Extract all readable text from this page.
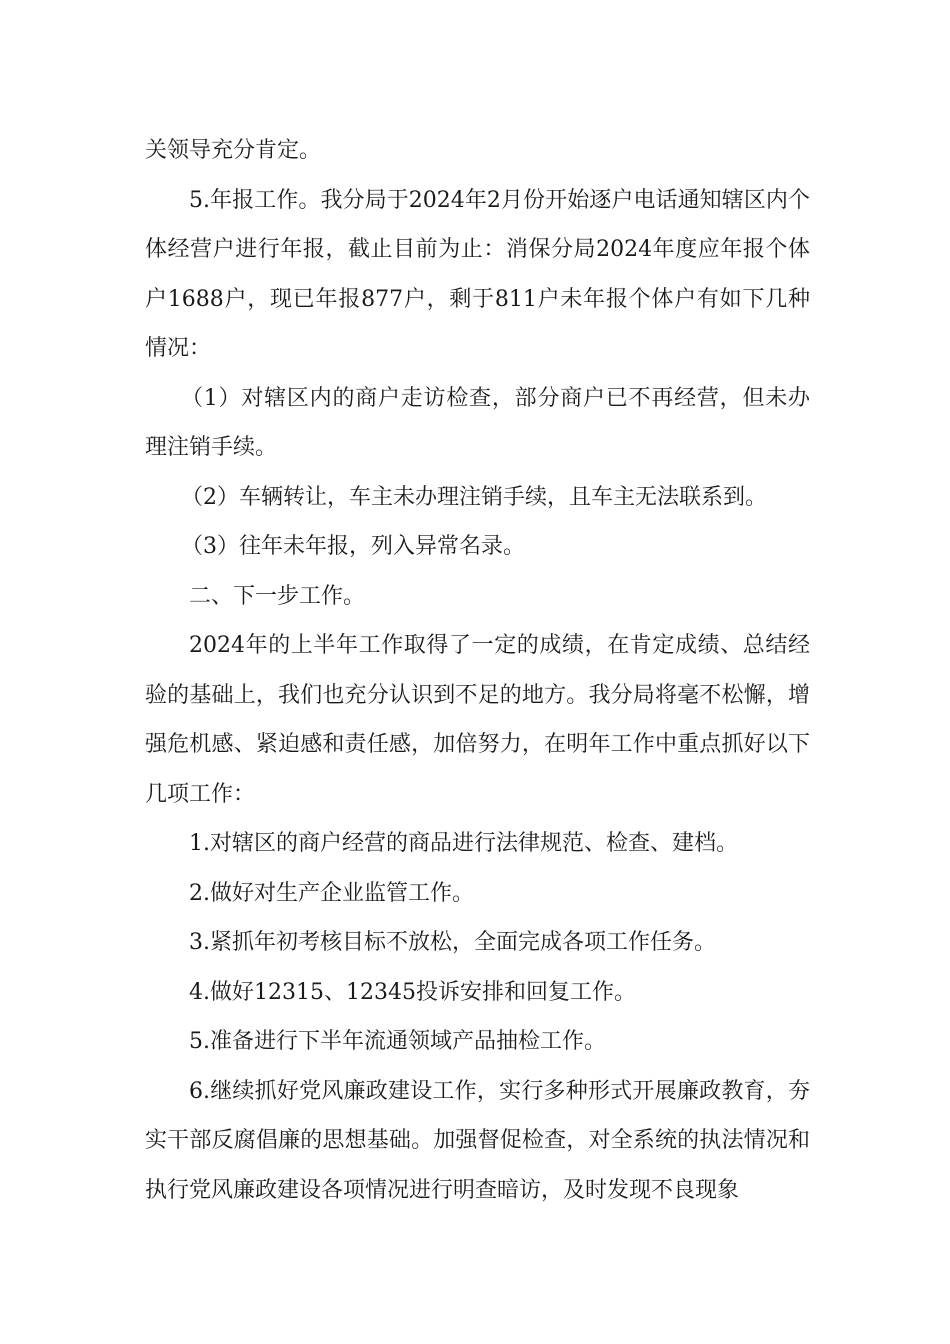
关领导充分肯定。

5.年报工作。我分局于2024年2月份开始逐户电话通知辖区内个体经营户进行年报，截止目前为止：消保分局2024年度应年报个体户1688户，现已年报877户，剩于811户未年报个体户有如下几种情况：

（1）对辖区内的商户走访检查，部分商户已不再经营，但未办理注销手续。

（2）车辆转让，车主未办理注销手续，且车主无法联系到。

（3）往年未年报，列入异常名录。

二、下一步工作。

2024年的上半年工作取得了一定的成绩，在肯定成绩、总结经验的基础上，我们也充分认识到不足的地方。我分局将毫不松懈，增强危机感、紧迫感和责任感，加倍努力，在明年工作中重点抓好以下几项工作：

1.对辖区的商户经营的商品进行法律规范、检查、建档。

2.做好对生产企业监管工作。

3.紧抓年初考核目标不放松，全面完成各项工作任务。

4.做好12315、12345投诉安排和回复工作。

5.准备进行下半年流通领域产品抽检工作。

6.继续抓好党风廉政建设工作，实行多种形式开展廉政教育，夯实干部反腐倡廉的思想基础。加强督促检查，对全系统的执法情况和执行党风廉政建设各项情况进行明查暗访，及时发现不良现象
